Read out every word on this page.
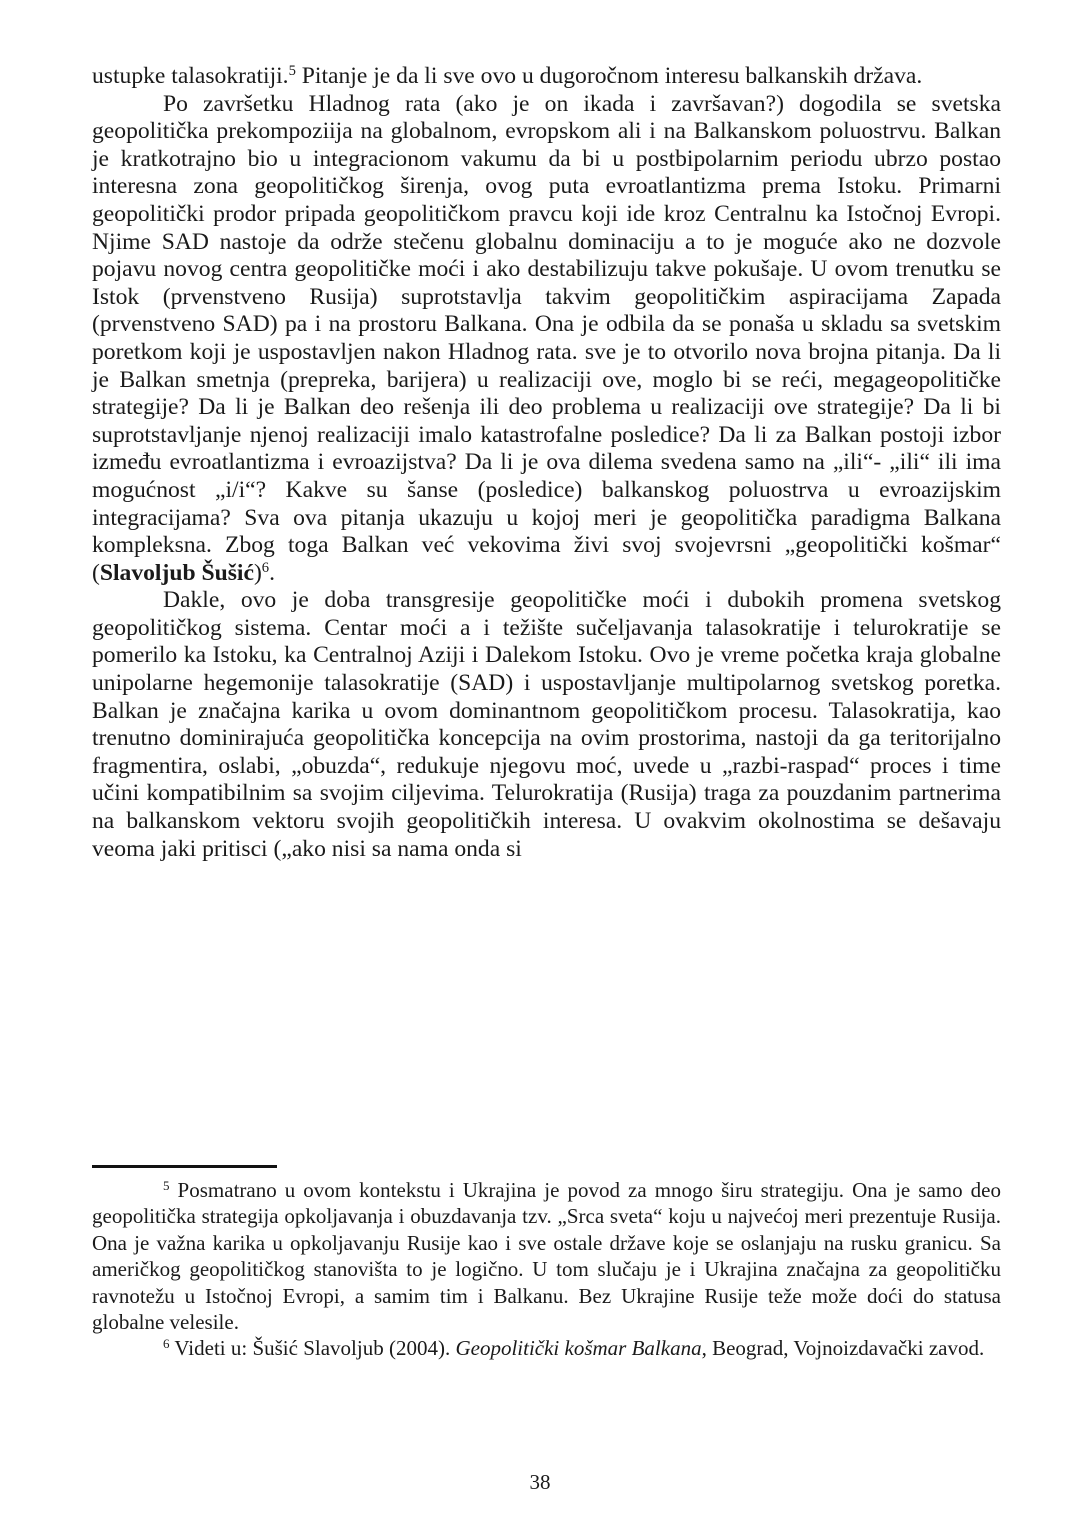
ustupke talasokratiji.$^5$ Pitanje je da li sve ovo u dugoročnom interesu balkanskih država.

Po završetku Hladnog rata (ako je on ikada i završavan?) dogodila se svetska geopolitička prekompoziija na globalnom, evropskom ali i na Balkanskom poluostrvu. Balkan je kratkotrajno bio u integracionom vakumu da bi u postbipolarnim periodu ubrzo postao interesna zona geopolitičkog širenja, ovog puta evroatlantizma prema Istoku. Primarni geopolitički prodor pripada geopolitičkom pravcu koji ide kroz Centralnu ka Istočnoj Evropi. Njime SAD nastoje da održe stečenu globalnu dominaciju a to je moguće ako ne dozvole pojavu novog centra geopolitičke moći i ako destabilizuju takve pokušaje. U ovom trenutku se Istok (prvenstveno Rusija) suprotstavlja takvim geopolitičkim aspiracijama Zapada (prvenstveno SAD) pa i na prostoru Balkana. Ona je odbila da se ponaša u skladu sa svetskim poretkom koji je uspostavljen nakon Hladnog rata. sve je to otvorilo nova brojna pitanja. Da li je Balkan smetnja (prepreka, barijera) u realizaciji ove, moglo bi se reći, megageopolitičke strategije? Da li je Balkan deo rešenja ili deo problema u realizaciji ove strategije? Da li bi suprotstavljanje njenoj realizaciji imalo katastrofalne posledice? Da li za Balkan postoji izbor između evroatlantizma i evroazijstva? Da li je ova dilema svedena samo na „ili“- „ili“ ili ima mogućnost „i/i“? Kakve su šanse (posledice) balkanskog poluostrva u evroazijskim integracijama? Sva ova pitanja ukazuju u kojoj meri je geopolitička paradigma Balkana kompleksna. Zbog toga Balkan već vekovima živi svoj svojevrsni „geopolitički košmar“ (Slavoljub Šušić)$^6$.

Dakle, ovo je doba transgresije geopolitičke moći i dubokih promena svetskog geopolitičkog sistema. Centar moći a i težište sučeljavanja talasokratije i telurokratije se pomerilo ka Istoku, ka Centralnoj Aziji i Dalekom Istoku. Ovo je vreme početka kraja globalne unipolarne hegemonije talasokratije (SAD) i uspostavljanje multipolarnog svetskog poretka. Balkan je značajna karika u ovom dominantnom geopolitičkom procesu. Talasokratija, kao trenutno dominirajuća geopolitička koncepcija na ovim prostorima, nastoji da ga teritorijalno fragmentira, oslabi, „obuzda“, redukuje njegovu moć, uvede u „razbi-raspad“ proces i time učini kompatibilnim sa svojim ciljevima. Telurokratija (Rusija) traga za pouzdanim partnerima na balkanskom vektoru svojih geopolitičkih interesa. U ovakvim okolnostima se dešavaju veoma jaki pritisci („ako nisi sa nama onda si

$^5$ Posmatrano u ovom kontekstu i Ukrajina je povod za mnogo širu strategiju. Ona je samo deo geopolitička strategija opkoljavanja i obuzdavanja tzv. „Srca sveta“ koju u najvećoj meri prezentuje Rusija. Ona je važna karika u opkoljavanju Rusije kao i sve ostale države koje se oslanjaju na rusku granicu. Sa američkog geopolitičkog stanovišta to je logično. U tom slučaju je i Ukrajina značajna za geopolitičku ravnotežu u Istočnoj Evropi, a samim tim i Balkanu. Bez Ukrajine Rusije teže može doći do statusa globalne velesile.

$^6$ Videti u: Šušić Slavoljub (2004). Geopolitički košmar Balkana, Beograd, Vojnoizdavački zavod.

38
